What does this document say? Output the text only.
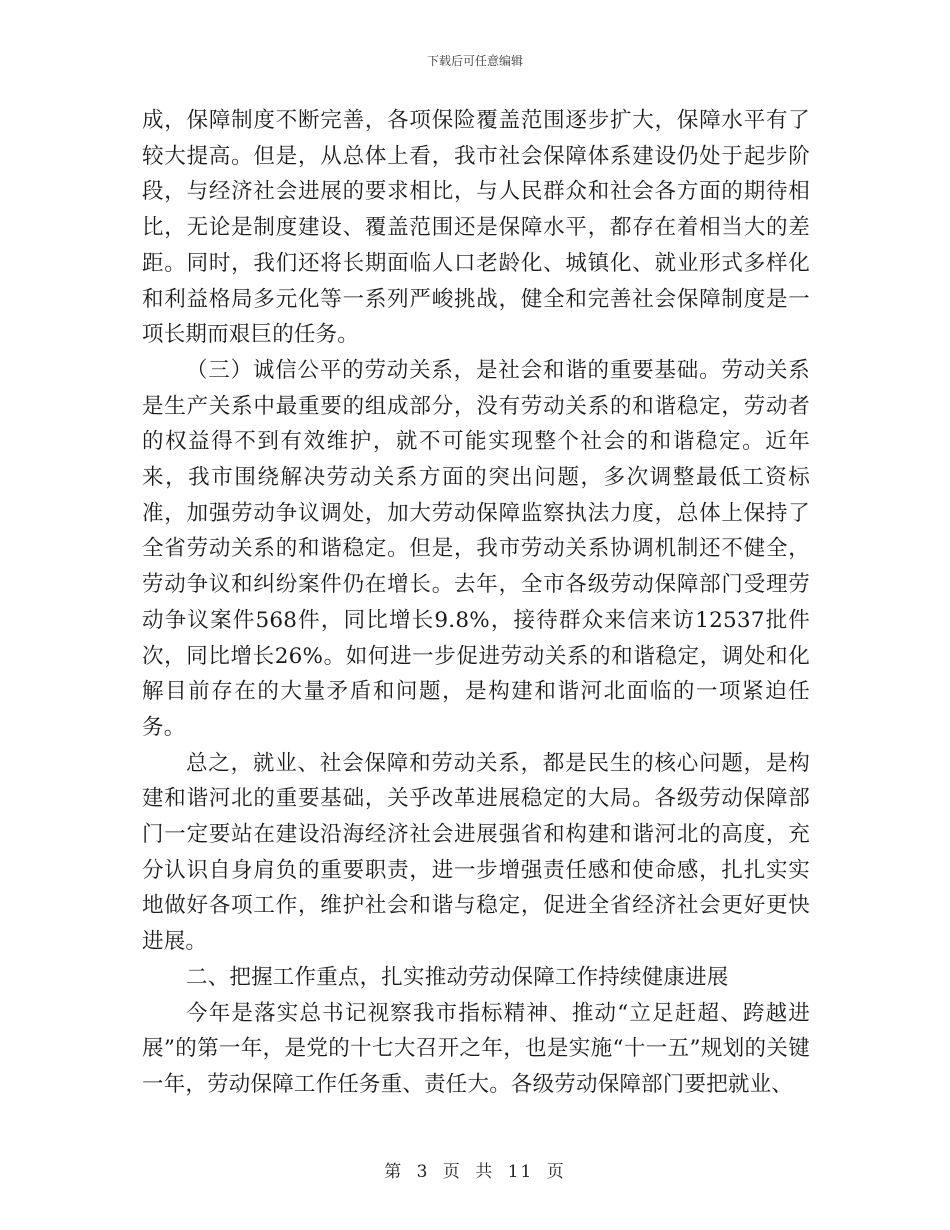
下载后可任意编辑

成，保障制度不断完善，各项保险覆盖范围逐步扩大，保障水平有了较大提高。但是，从总体上看，我市社会保障体系建设仍处于起步阶段，与经济社会进展的要求相比，与人民群众和社会各方面的期待相比，无论是制度建设、覆盖范围还是保障水平，都存在着相当大的差距。同时，我们还将长期面临人口老龄化、城镇化、就业形式多样化和利益格局多元化等一系列严峻挑战，健全和完善社会保障制度是一项长期而艰巨的任务。

（三）诚信公平的劳动关系，是社会和谐的重要基础。劳动关系是生产关系中最重要的组成部分，没有劳动关系的和谐稳定，劳动者的权益得不到有效维护，就不可能实现整个社会的和谐稳定。近年来，我市围绕解决劳动关系方面的突出问题，多次调整最低工资标准，加强劳动争议调处，加大劳动保障监察执法力度，总体上保持了全省劳动关系的和谐稳定。但是，我市劳动关系协调机制还不健全，劳动争议和纠纷案件仍在增长。去年，全市各级劳动保障部门受理劳动争议案件568件，同比增长9.8%，接待群众来信来访12537批件次，同比增长26%。如何进一步促进劳动关系的和谐稳定，调处和化解目前存在的大量矛盾和问题，是构建和谐河北面临的一项紧迫任务。

总之，就业、社会保障和劳动关系，都是民生的核心问题，是构建和谐河北的重要基础，关乎改革进展稳定的大局。各级劳动保障部门一定要站在建设沿海经济社会进展强省和构建和谐河北的高度，充分认识自身肩负的重要职责，进一步增强责任感和使命感，扎扎实实地做好各项工作，维护社会和谐与稳定，促进全省经济社会更好更快进展。

二、把握工作重点，扎实推动劳动保障工作持续健康进展

今年是落实总书记视察我市指标精神、推动“立足赶超、跨越进展”的第一年，是党的十七大召开之年，也是实施“十一五”规划的关键一年，劳动保障工作任务重、责任大。各级劳动保障部门要把就业、

第 3 页 共 11 页
